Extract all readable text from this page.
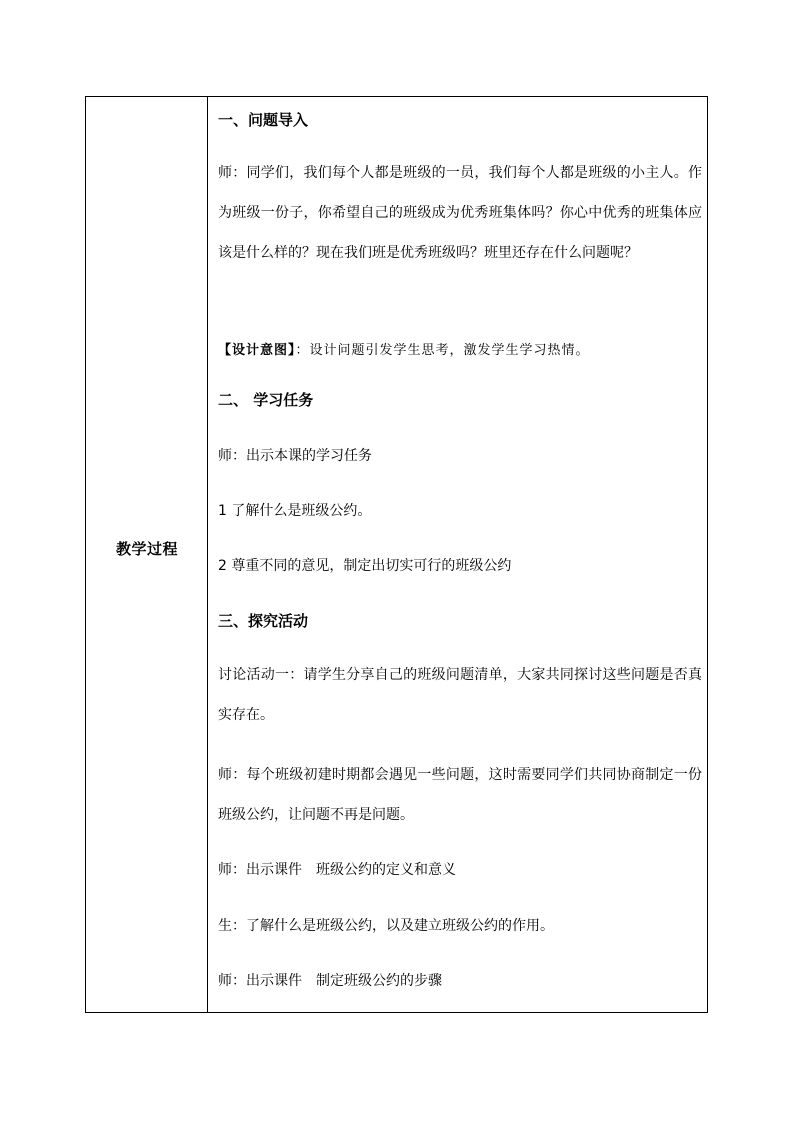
教学过程
一、问题导入
师：同学们，我们每个人都是班级的一员，我们每个人都是班级的小主人。作为班级一份子，你希望自己的班级成为优秀班集体吗？你心中优秀的班集体应该是什么样的？现在我们班是优秀班级吗？班里还存在什么问题呢？
【设计意图】：设计问题引发学生思考，激发学生学习热情。
二、 学习任务
师：出示本课的学习任务
1 了解什么是班级公约。
2 尊重不同的意见，制定出切实可行的班级公约
三、探究活动
讨论活动一：请学生分享自己的班级问题清单，大家共同探讨这些问题是否真实存在。
师：每个班级初建时期都会遇见一些问题，这时需要同学们共同协商制定一份班级公约，让问题不再是问题。
师：出示课件　班级公约的定义和意义
生：了解什么是班级公约，以及建立班级公约的作用。
师：出示课件　制定班级公约的步骤
